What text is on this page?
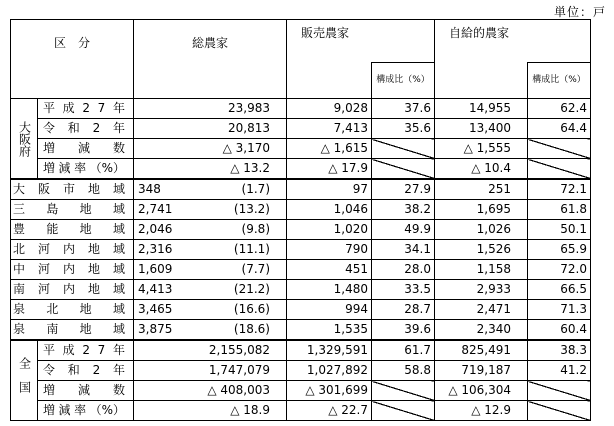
単位：戸
区　分		総農家	販売農家		自給的農家	
				構成比（%）		構成比（%）
大阪府	平 成 2 7 年	23,983	9,028	37.6	14,955	62.4

	令 和 2 年	20,813	7,413	35.6	13,400	64.4

	増 減 数	△ 3,170	△ 1,615		△ 1,555	

	増 減 率 （%）	△ 13.2	△ 17.9		△ 10.4	

大 阪 市 地 域		348 (1.7)	97	27.9	251	72.1

三 島 地 域		2,741 (13.2)	1,046	38.2	1,695	61.8

豊 能 地 域		2,046 (9.8)	1,020	49.9	1,026	50.1

北 河 内 地 域		2,316 (11.1)	790	34.1	1,526	65.9

中 河 内 地 域		1,609 (7.7)	451	28.0	1,158	72.0

南 河 内 地 域		4,413 (21.2)	1,480	33.5	2,933	66.5

泉 北 地 域		3,465 (16.6)	994	28.7	2,471	71.3

泉 南 地 域		3,875 (18.6)	1,535	39.6	2,340	60.4
全国	平 成 2 7 年	2,155,082	1,329,591	61.7	825,491	38.3

	令 和 2 年	1,747,079	1,027,892	58.8	719,187	41.2

	増 減 数	△ 408,003	△ 301,699		△ 106,304	

	増 減 率 （%）	△ 18.9	△ 22.7		△ 12.9	
